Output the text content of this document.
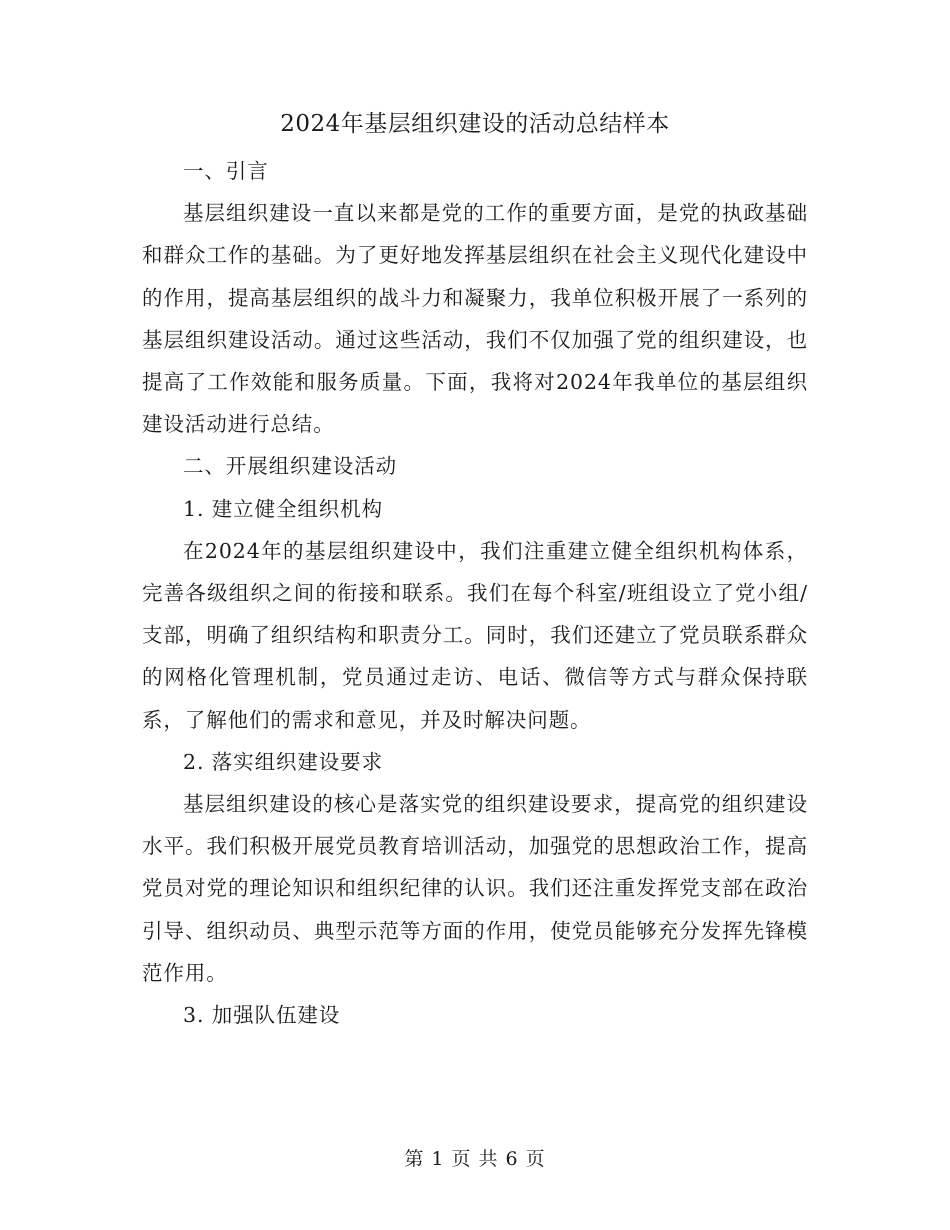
2024年基层组织建设的活动总结样本

一、引言

基层组织建设一直以来都是党的工作的重要方面，是党的执政基础和群众工作的基础。为了更好地发挥基层组织在社会主义现代化建设中的作用，提高基层组织的战斗力和凝聚力，我单位积极开展了一系列的基层组织建设活动。通过这些活动，我们不仅加强了党的组织建设，也提高了工作效能和服务质量。下面，我将对2024年我单位的基层组织建设活动进行总结。

二、开展组织建设活动

1. 建立健全组织机构

在2024年的基层组织建设中，我们注重建立健全组织机构体系，完善各级组织之间的衔接和联系。我们在每个科室/班组设立了党小组/支部，明确了组织结构和职责分工。同时，我们还建立了党员联系群众的网格化管理机制，党员通过走访、电话、微信等方式与群众保持联系，了解他们的需求和意见，并及时解决问题。

2. 落实组织建设要求

基层组织建设的核心是落实党的组织建设要求，提高党的组织建设水平。我们积极开展党员教育培训活动，加强党的思想政治工作，提高党员对党的理论知识和组织纪律的认识。我们还注重发挥党支部在政治引导、组织动员、典型示范等方面的作用，使党员能够充分发挥先锋模范作用。

3. 加强队伍建设

第 1 页 共 6 页
